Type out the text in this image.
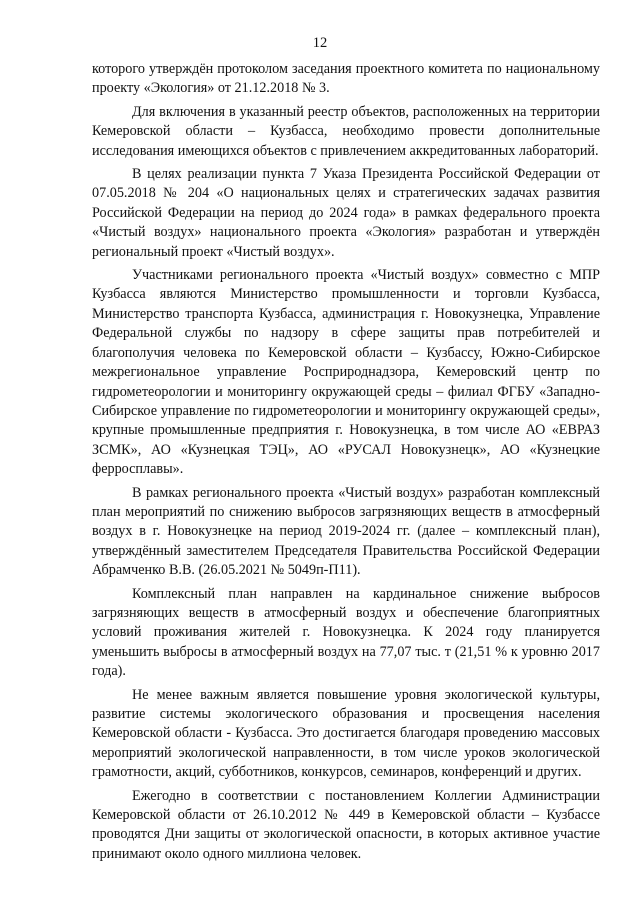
12

которого утверждён протоколом заседания проектного комитета по национальному проекту «Экология» от 21.12.2018 № 3.

Для включения в указанный реестр объектов, расположенных на территории Кемеровской области – Кузбасса, необходимо провести дополнительные исследования имеющихся объектов с привлечением аккредитованных лабораторий.

В целях реализации пункта 7 Указа Президента Российской Федерации от 07.05.2018 № 204 «О национальных целях и стратегических задачах развития Российской Федерации на период до 2024 года» в рамках федерального проекта «Чистый воздух» национального проекта «Экология» разработан и утверждён региональный проект «Чистый воздух».

Участниками регионального проекта «Чистый воздух» совместно с МПР Кузбасса являются Министерство промышленности и торговли Кузбасса, Министерство транспорта Кузбасса, администрация г. Новокузнецка, Управление Федеральной службы по надзору в сфере защиты прав потребителей и благополучия человека по Кемеровской области – Кузбассу, Южно-Сибирское межрегиональное управление Росприроднадзора, Кемеровский центр по гидрометеорологии и мониторингу окружающей среды – филиал ФГБУ «Западно-Сибирское управление по гидрометеорологии и мониторингу окружающей среды», крупные промышленные предприятия г. Новокузнецка, в том числе АО «ЕВРАЗ ЗСМК», АО «Кузнецкая ТЭЦ», АО «РУСАЛ Новокузнецк», АО «Кузнецкие ферросплавы».

В рамках регионального проекта «Чистый воздух» разработан комплексный план мероприятий по снижению выбросов загрязняющих веществ в атмосферный воздух в г. Новокузнецке на период 2019-2024 гг. (далее – комплексный план), утверждённый заместителем Председателя Правительства Российской Федерации Абрамченко В.В. (26.05.2021 № 5049п-П11).

Комплексный план направлен на кардинальное снижение выбросов загрязняющих веществ в атмосферный воздух и обеспечение благоприятных условий проживания жителей г. Новокузнецка. К 2024 году планируется уменьшить выбросы в атмосферный воздух на 77,07 тыс. т (21,51 % к уровню 2017 года).

Не менее важным является повышение уровня экологической культуры, развитие системы экологического образования и просвещения населения Кемеровской области - Кузбасса. Это достигается благодаря проведению массовых мероприятий экологической направленности, в том числе уроков экологической грамотности, акций, субботников, конкурсов, семинаров, конференций и других.

Ежегодно в соответствии с постановлением Коллегии Администрации Кемеровской области от 26.10.2012 № 449 в Кемеровской области – Кузбассе проводятся Дни защиты от экологической опасности, в которых активное участие принимают около одного миллиона человек.
